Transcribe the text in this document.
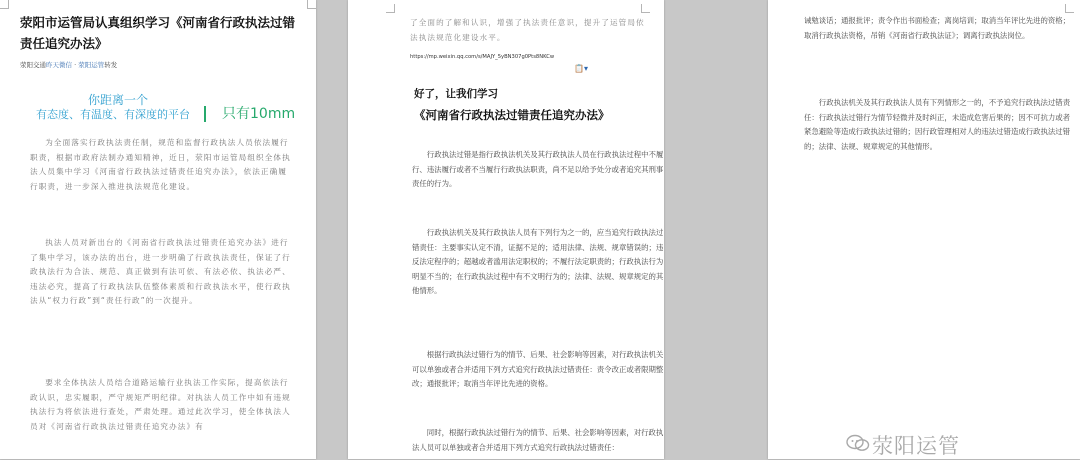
荥阳市运管局认真组织学习《河南省行政执法过错责任追究办法》
荥阳交通昨天微信 · 荥阳运管转发
你距离一个
有态度、有温度、有深度的平台 只有10mm
为全面落实行政执法责任制，规范和监督行政执法人员依法履行职责，根据市政府法制办通知精神，近日，荥阳市运管局组织全体执法人员集中学习《河南省行政执法过错责任追究办法》，依法正确履行职责，进一步深入推进执法规范化建设。
执法人员对新出台的《河南省行政执法过错责任追究办法》进行了集中学习，该办法的出台，进一步明确了行政执法责任，保证了行政执法行为合法、规范、真正做到有法可依、有法必依、执法必严、违法必究，提高了行政执法队伍整体素质和行政执法水平，使行政执法从“权力行政”到“责任行政”的一次提升。
要求全体执法人员结合道路运输行业执法工作实际，提高依法行政认识，忠实履职，严守规矩严明纪律。对执法人员工作中如有违规执法行为将依法进行查处，严肃处理。通过此次学习，使全体执法人员对《河南省行政执法过错责任追究办法》有
了全面的了解和认识，增强了执法责任意识，提升了运管局依法执法规范化建设水平。
https://mp.weixin.qq.com/s/MAJY_5yBN307g0Pts8NKCw
📋▾
好了，让我们学习
《河南省行政执法过错责任追究办法》
行政执法过错是指行政执法机关及其行政执法人员在行政执法过程中不履行、违法履行或者不当履行行政执法职责，尚不足以给予处分或者追究其刑事责任的行为。
行政执法机关及其行政执法人员有下列行为之一的，应当追究行政执法过错责任：主要事实认定不清，证据不足的；适用法律、法规、规章错误的；违反法定程序的；超越或者滥用法定职权的；不履行法定职责的；行政执法行为明显不当的；在行政执法过程中有不文明行为的；法律、法规、规章规定的其他情形。
根据行政执法过错行为的情节、后果、社会影响等因素，对行政执法机关可以单独或者合并适用下列方式追究行政执法过错责任：责令改正或者限期整改；通报批评；取消当年评比先进的资格。
同时，根据行政执法过错行为的情节、后果、社会影响等因素，对行政执法人员可以单独或者合并适用下列方式追究行政执法过错责任：
诫勉谈话；通报批评；责令作出书面检查；离岗培训；取消当年评比先进的资格；取消行政执法资格，吊销《河南省行政执法证》；调离行政执法岗位。
行政执法机关及其行政执法人员有下列情形之一的，不予追究行政执法过错责任：行政执法过错行为情节轻微并及时纠正，未造成危害后果的；因不可抗力或者紧急避险等造成行政执法过错的；因行政管理相对人的违法过错造成行政执法过错的；法律、法规、规章规定的其他情形。
荥阳运管
